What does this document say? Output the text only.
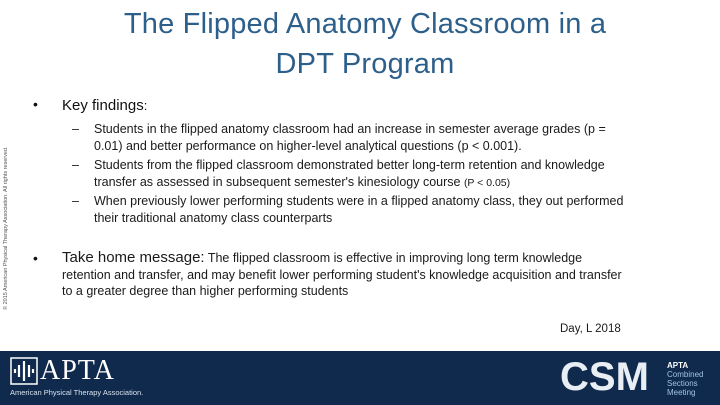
The Flipped Anatomy Classroom in a
DPT Program
© 2015 American Physical Therapy Association. All rights reserved.
• Key findings:
– Students in the flipped anatomy classroom had an increase in semester average grades (p = 0.01) and better performance on higher-level analytical questions (p < 0.001).
– Students from the flipped classroom demonstrated better long-term retention and knowledge transfer as assessed in subsequent semester's kinesiology course (P < 0.05)
– When previously lower performing students were in a flipped anatomy class, they out performed their traditional anatomy class counterparts
• Take home message: The flipped classroom is effective in improving long term knowledge retention and transfer, and may benefit lower performing student's knowledge acquisition and transfer to a greater degree than higher performing students
Day, L 2018
APTA
American Physical Therapy Association.	CSM APTA
Combined
Sections
Meeting
